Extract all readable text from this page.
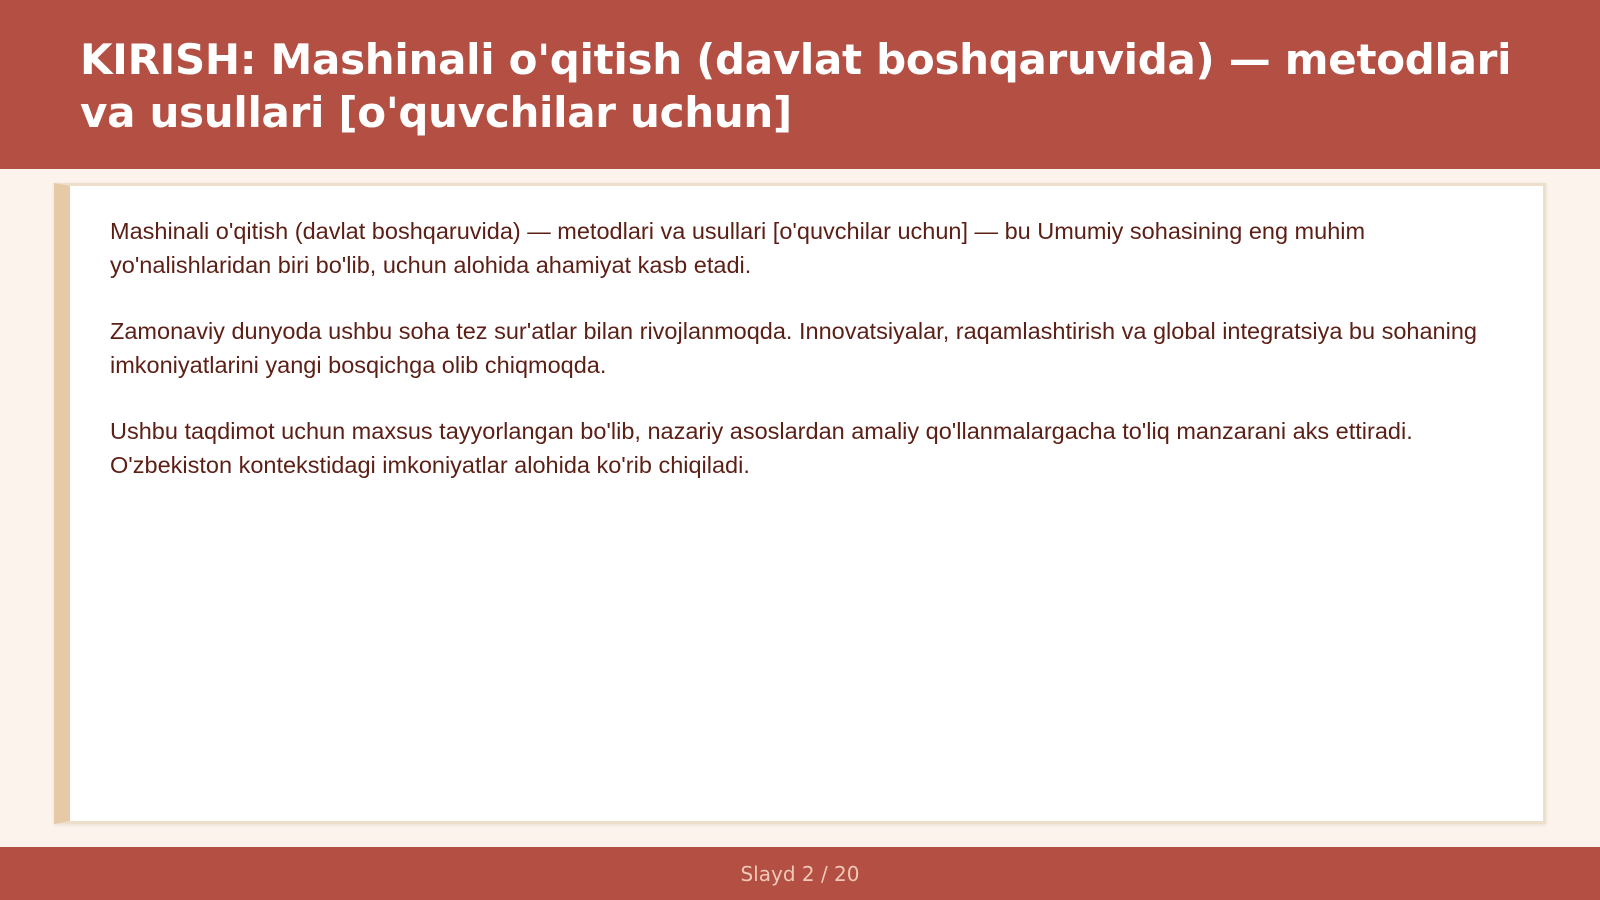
KIRISH: Mashinali o'qitish (davlat boshqaruvida) — metodlari va usullari [o'quvchilar uchun]

Mashinali o'qitish (davlat boshqaruvida) — metodlari va usullari [o'quvchilar uchun] — bu Umumiy sohasining eng muhim yo'nalishlaridan biri bo'lib, uchun alohida ahamiyat kasb etadi.

Zamonaviy dunyoda ushbu soha tez sur'atlar bilan rivojlanmoqda. Innovatsiyalar, raqamlashtirish va global integratsiya bu sohaning imkoniyatlarini yangi bosqichga olib chiqmoqda.

Ushbu taqdimot uchun maxsus tayyorlangan bo'lib, nazariy asoslardan amaliy qo'llanmalargacha to'liq manzarani aks ettiradi. O'zbekiston kontekstidagi imkoniyatlar alohida ko'rib chiqiladi.

Slayd 2 / 20
